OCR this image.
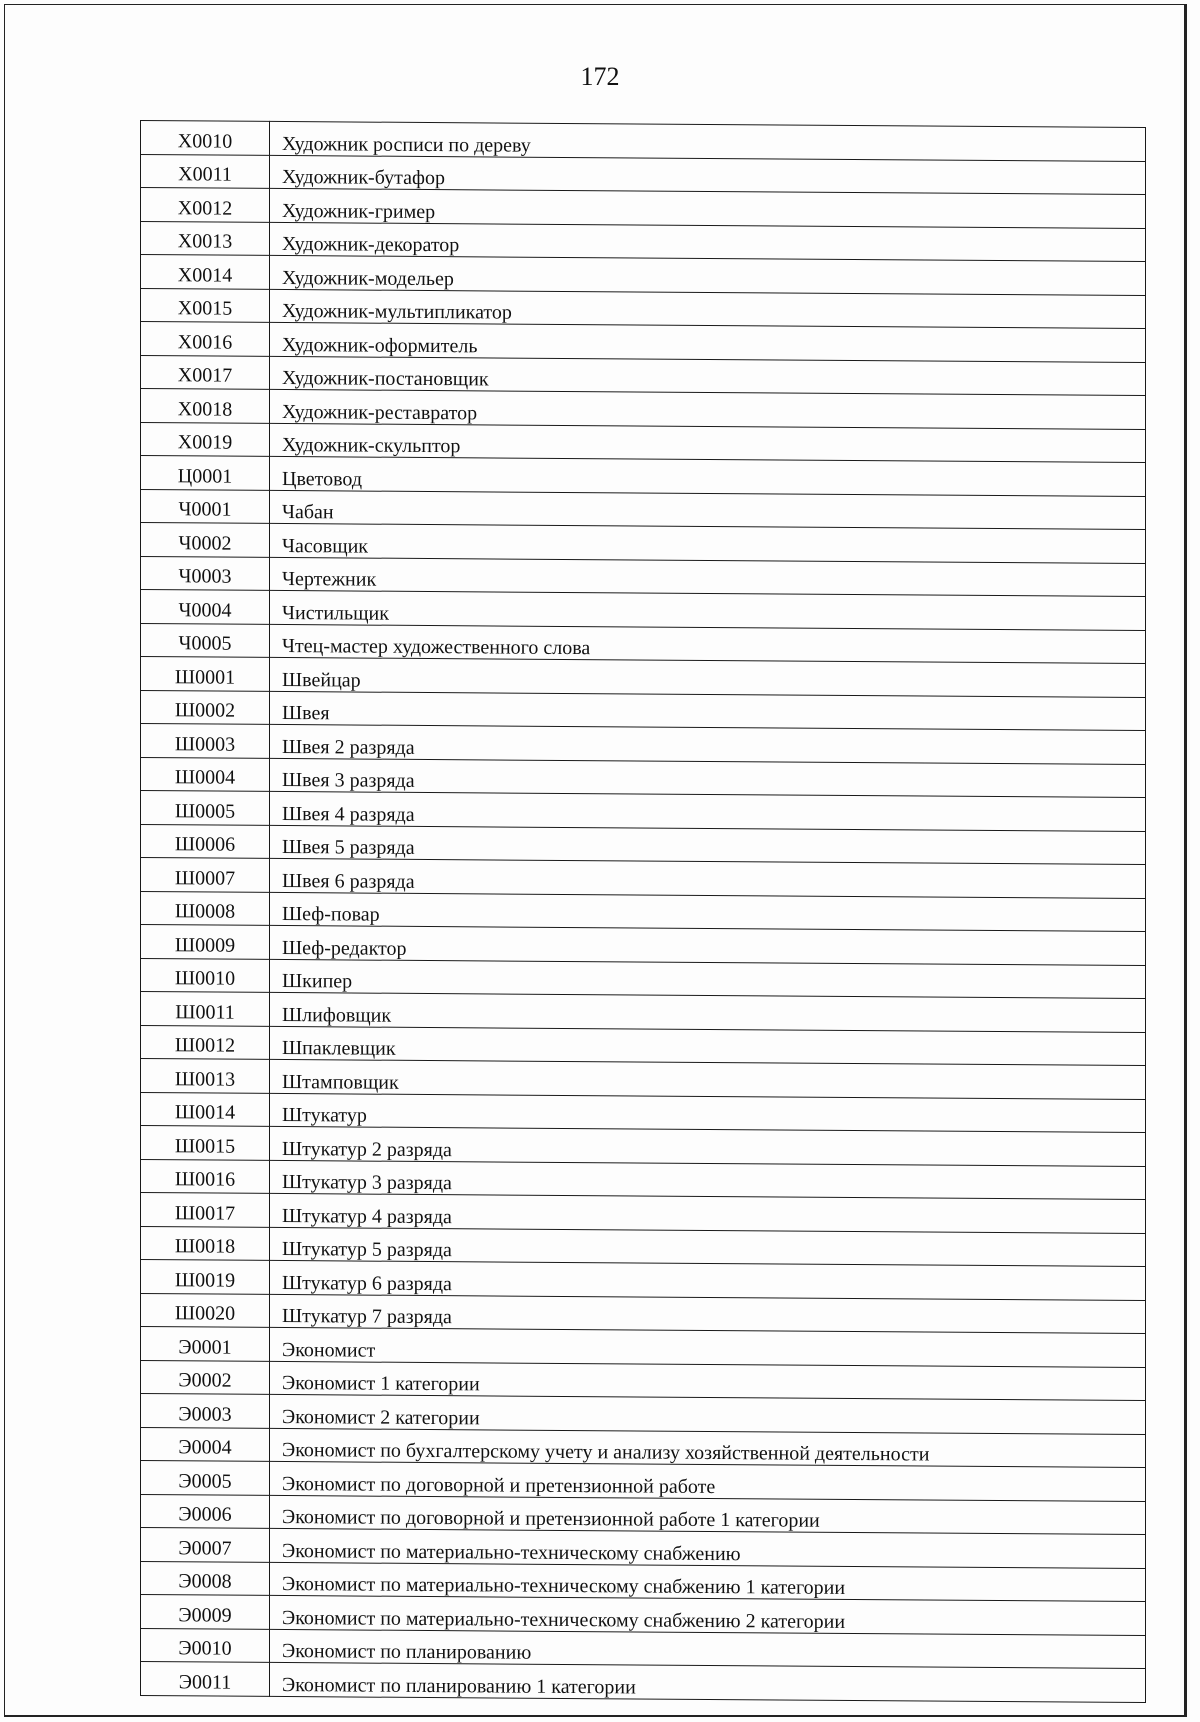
172
Х0010	Художник росписи по дереву
Х0011	Художник-бутафор
Х0012	Художник-гример
Х0013	Художник-декоратор
Х0014	Художник-модельер
Х0015	Художник-мультипликатор
Х0016	Художник-оформитель
Х0017	Художник-постановщик
Х0018	Художник-реставратор
Х0019	Художник-скульптор
Ц0001	Цветовод
Ч0001	Чабан
Ч0002	Часовщик
Ч0003	Чертежник
Ч0004	Чистильщик
Ч0005	Чтец-мастер художественного слова
Ш0001	Швейцар
Ш0002	Швея
Ш0003	Швея 2 разряда
Ш0004	Швея 3 разряда
Ш0005	Швея 4 разряда
Ш0006	Швея 5 разряда
Ш0007	Швея 6 разряда
Ш0008	Шеф-повар
Ш0009	Шеф-редактор
Ш0010	Шкипер
Ш0011	Шлифовщик
Ш0012	Шпаклевщик
Ш0013	Штамповщик
Ш0014	Штукатур
Ш0015	Штукатур 2 разряда
Ш0016	Штукатур 3 разряда
Ш0017	Штукатур 4 разряда
Ш0018	Штукатур 5 разряда
Ш0019	Штукатур 6 разряда
Ш0020	Штукатур 7 разряда
Э0001	Экономист
Э0002	Экономист 1 категории
Э0003	Экономист 2 категории
Э0004	Экономист по бухгалтерскому учету и анализу хозяйственной деятельности
Э0005	Экономист по договорной и претензионной работе
Э0006	Экономист по договорной и претензионной работе 1 категории
Э0007	Экономист по материально-техническому снабжению
Э0008	Экономист по материально-техническому снабжению 1 категории
Э0009	Экономист по материально-техническому снабжению 2 категории
Э0010	Экономист по планированию
Э0011	Экономист по планированию 1 категории
